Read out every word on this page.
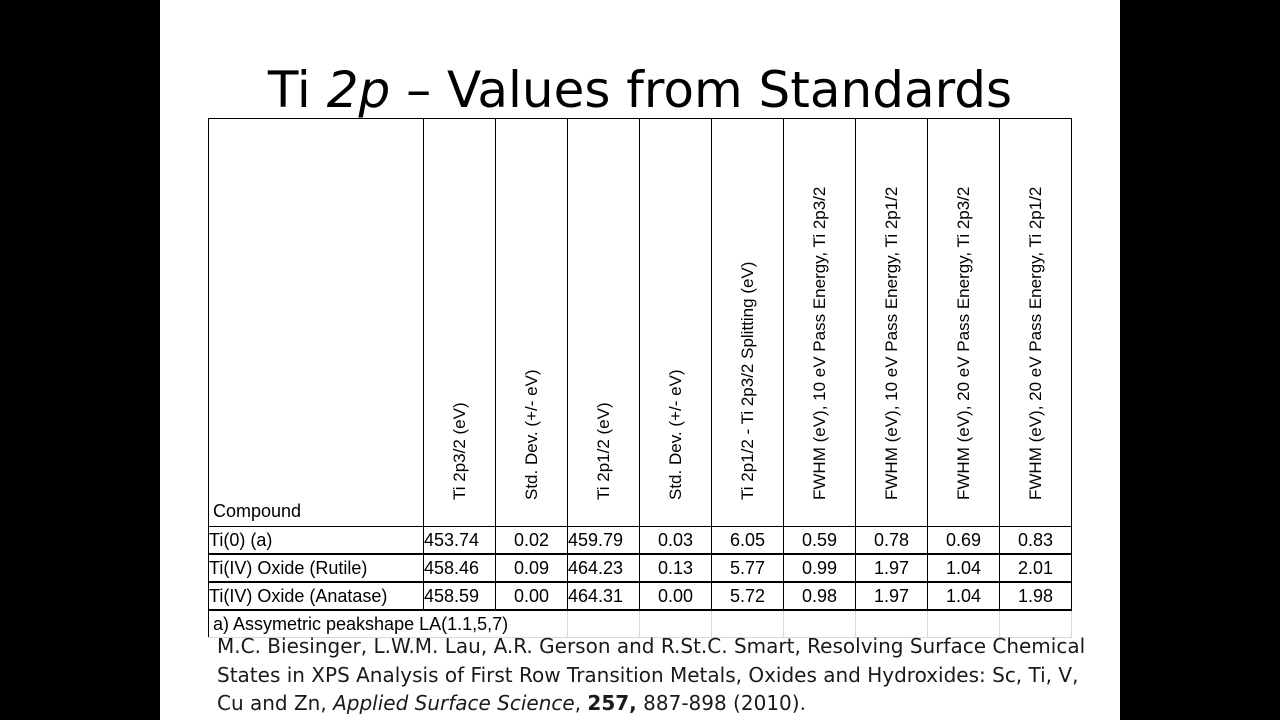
Ti 2p – Values from Standards
Compound	Ti 2p3/2 (eV)	Std. Dev. (+/- eV)	Ti 2p1/2 (eV)	Std. Dev. (+/- eV)	Ti 2p1/2 - Ti 2p3/2 Splitting (eV)	FWHM (eV), 10 eV Pass Energy, Ti 2p3/2	FWHM (eV), 10 eV Pass Energy, Ti 2p1/2	FWHM (eV), 20 eV Pass Energy, Ti 2p3/2	FWHM (eV), 20 eV Pass Energy, Ti 2p1/2

Ti(0) (a)	453.74	0.02	459.79	0.03	6.05	0.59	0.78	0.69	0.83
Ti(IV) Oxide (Rutile)	458.46	0.09	464.23	0.13	5.77	0.99	1.97	1.04	2.01
Ti(IV) Oxide (Anatase)	458.59	0.00	464.31	0.00	5.72	0.98	1.97	1.04	1.98
a) Assymetric peakshape LA(1.1,5,7)									
M.C. Biesinger, L.W.M. Lau, A.R. Gerson and R.St.C. Smart, Resolving Surface Chemical States in XPS Analysis of First Row Transition Metals, Oxides and Hydroxides: Sc, Ti, V, Cu and Zn, Applied Surface Science, 257, 887-898 (2010).
